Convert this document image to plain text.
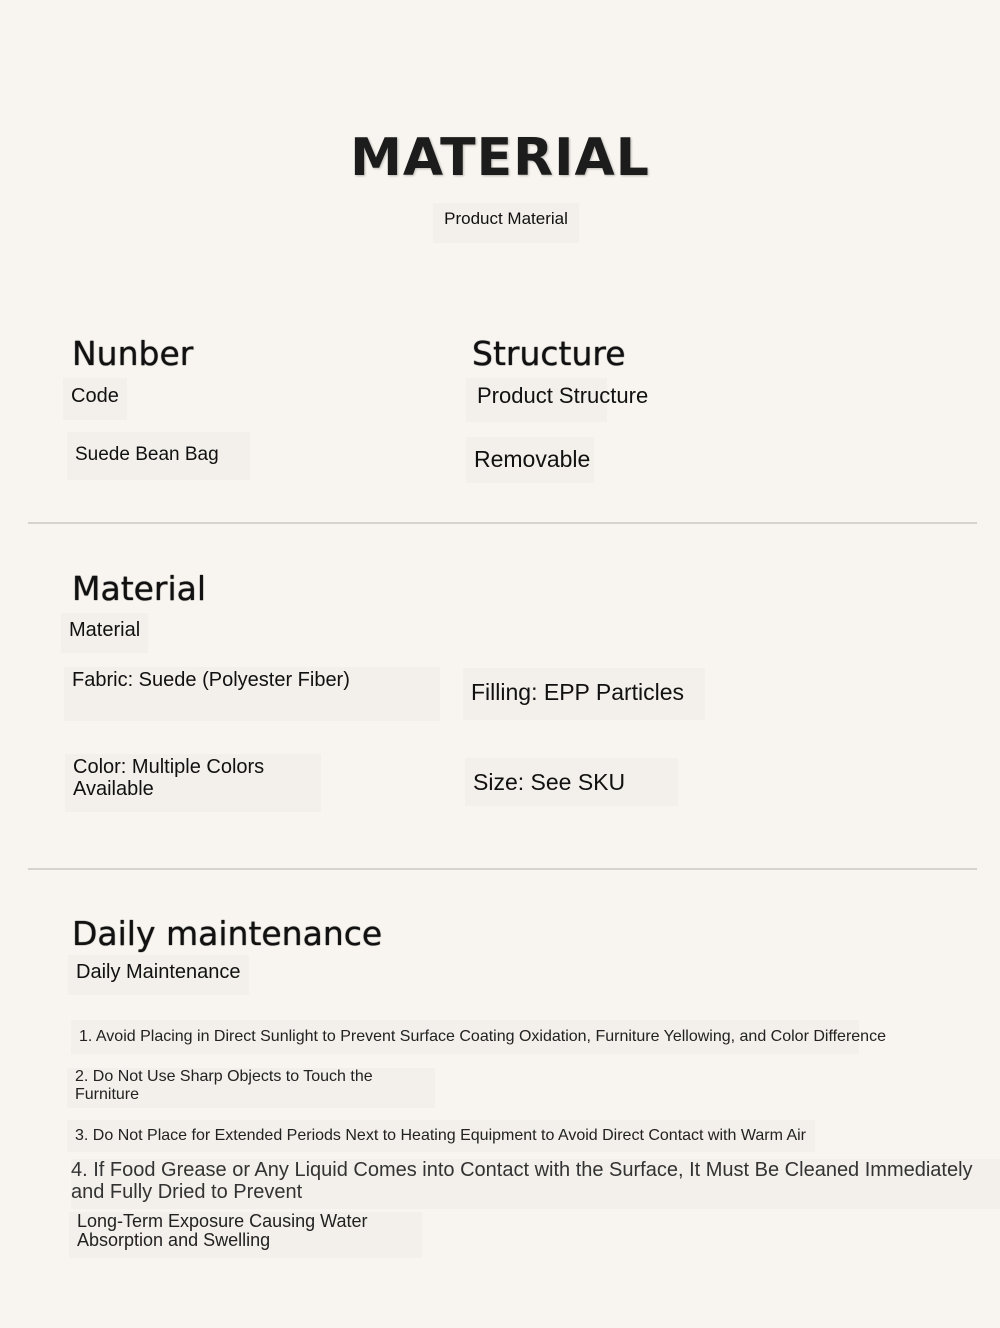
MATERIAL
Product Material
Nunber
Code
Suede Bean Bag
Structure
Product Structure
Removable
Material
Material
Fabric: Suede (Polyester Fiber)	Filling: EPP Particles
Color: Multiple Colors Available	Size: See SKU
Daily maintenance
Daily Maintenance
1. Avoid Placing in Direct Sunlight to Prevent Surface Coating Oxidation, Furniture Yellowing, and Color Difference
2. Do Not Use Sharp Objects to Touch the Furniture
3. Do Not Place for Extended Periods Next to Heating Equipment to Avoid Direct Contact with Warm Air
4. If Food Grease or Any Liquid Comes into Contact with the Surface, It Must Be Cleaned Immediately and Fully Dried to Prevent
Long-Term Exposure Causing Water Absorption and Swelling
